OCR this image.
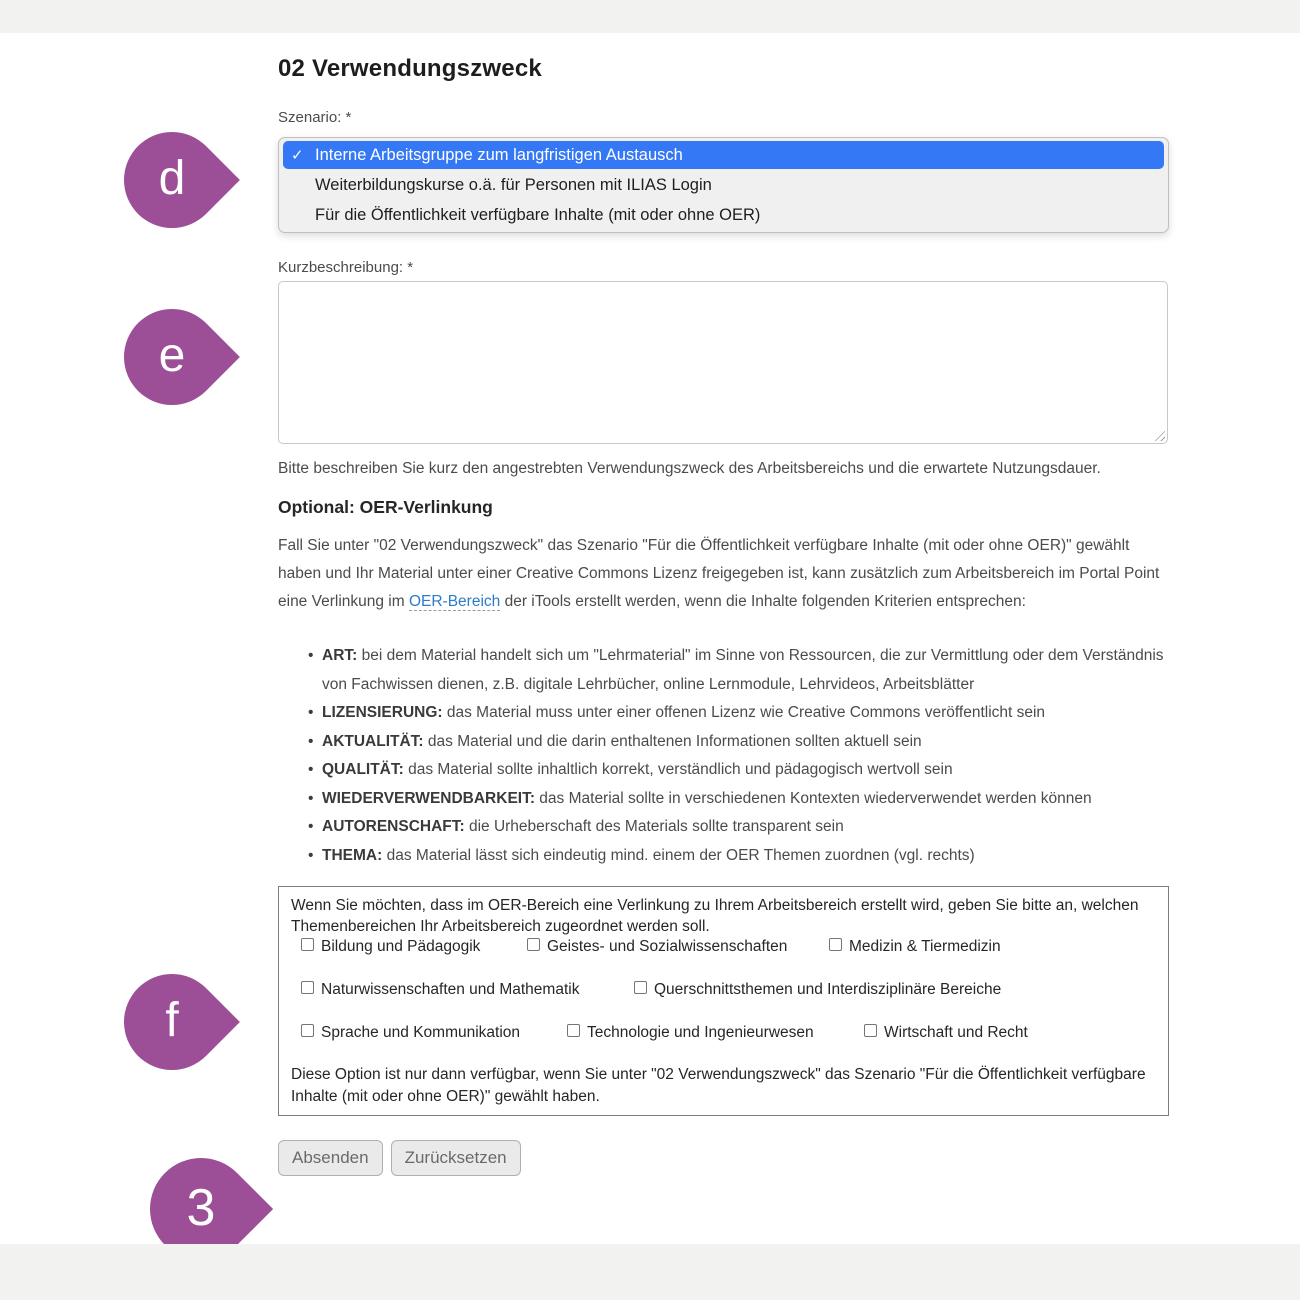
02 Verwendungszweck
Szenario: *
✓ Interne Arbeitsgruppe zum langfristigen Austausch
Weiterbildungskurse o.ä. für Personen mit ILIAS Login
Für die Öffentlichkeit verfügbare Inhalte (mit oder ohne OER)
Kurzbeschreibung: *

Bitte beschreiben Sie kurz den angestrebten Verwendungszweck des Arbeitsbereichs und die erwartete Nutzungsdauer.

Optional: OER-Verlinkung

Fall Sie unter "02 Verwendungszweck" das Szenario "Für die Öffentlichkeit verfügbare Inhalte (mit oder ohne OER)" gewählt haben und Ihr Material unter einer Creative Commons Lizenz freigegeben ist, kann zusätzlich zum Arbeitsbereich im Portal Point eine Verlinkung im OER-Bereich der iTools erstellt werden, wenn die Inhalte folgenden Kriterien entsprechen:

• ART: bei dem Material handelt sich um "Lehrmaterial" im Sinne von Ressourcen, die zur Vermittlung oder dem Verständnis von Fachwissen dienen, z.B. digitale Lehrbücher, online Lernmodule, Lehrvideos, Arbeitsblätter
• LIZENSIERUNG: das Material muss unter einer offenen Lizenz wie Creative Commons veröffentlicht sein
• AKTUALITÄT: das Material und die darin enthaltenen Informationen sollten aktuell sein
• QUALITÄT: das Material sollte inhaltlich korrekt, verständlich und pädagogisch wertvoll sein
• WIEDERVERWENDBARKEIT: das Material sollte in verschiedenen Kontexten wiederverwendet werden können
• AUTORENSCHAFT: die Urheberschaft des Materials sollte transparent sein
• THEMA: das Material lässt sich eindeutig mind. einem der OER Themen zuordnen (vgl. rechts)

Wenn Sie möchten, dass im OER-Bereich eine Verlinkung zu Ihrem Arbeitsbereich erstellt wird, geben Sie bitte an, welchen Themenbereichen Ihr Arbeitsbereich zugeordnet werden soll.

Bildung und Pädagogik	Geistes- und Sozialwissenschaften	Medizin & Tiermedizin
Naturwissenschaften und Mathematik	Querschnittsthemen und Interdisziplinäre Bereiche
Sprache und Kommunikation	Technologie und Ingenieurwesen	Wirtschaft und Recht

Diese Option ist nur dann verfügbar, wenn Sie unter "02 Verwendungszweck" das Szenario "Für die Öffentlichkeit verfügbare Inhalte (mit oder ohne OER)" gewählt haben.

Absenden	Zurücksetzen
d
e
f
3
